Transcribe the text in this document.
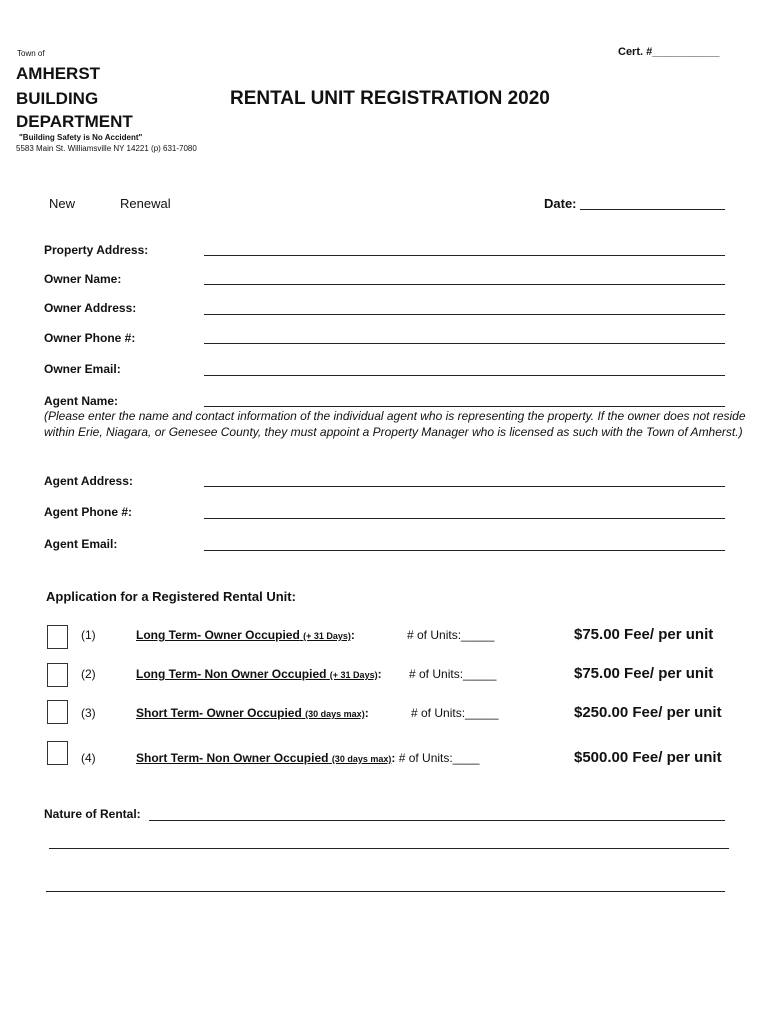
Town of	Cert. #___________
AMHERST
BUILDING
DEPARTMENT
RENTAL UNIT REGISTRATION 2020
"Building Safety is No Accident"
5583 Main St. Williamsville NY 14221 (p) 631-7080
New	Renewal	Date:
Property Address:
Owner Name:
Owner Address:
Owner Phone #:
Owner Email:
Agent Name:
(Please enter the name and contact information of the individual agent who is representing the property. If the owner does not reside within Erie, Niagara, or Genesee County, they must appoint a Property Manager who is licensed as such with the Town of Amherst.)
Agent Address:
Agent Phone #:
Agent Email:
Application for a Registered Rental Unit:
(1)	Long Term- Owner Occupied (+ 31 Days):	# of Units:_____	$75.00 Fee/ per unit
(2)	Long Term- Non Owner Occupied (+ 31 Days): # of Units:_____	$75.00 Fee/ per unit
(3)	Short Term- Owner Occupied (30 days max):	# of Units:_____	$250.00 Fee/ per unit
(4)	Short Term- Non Owner Occupied (30 days max): # of Units:____	$500.00 Fee/ per unit
Nature of Rental:
